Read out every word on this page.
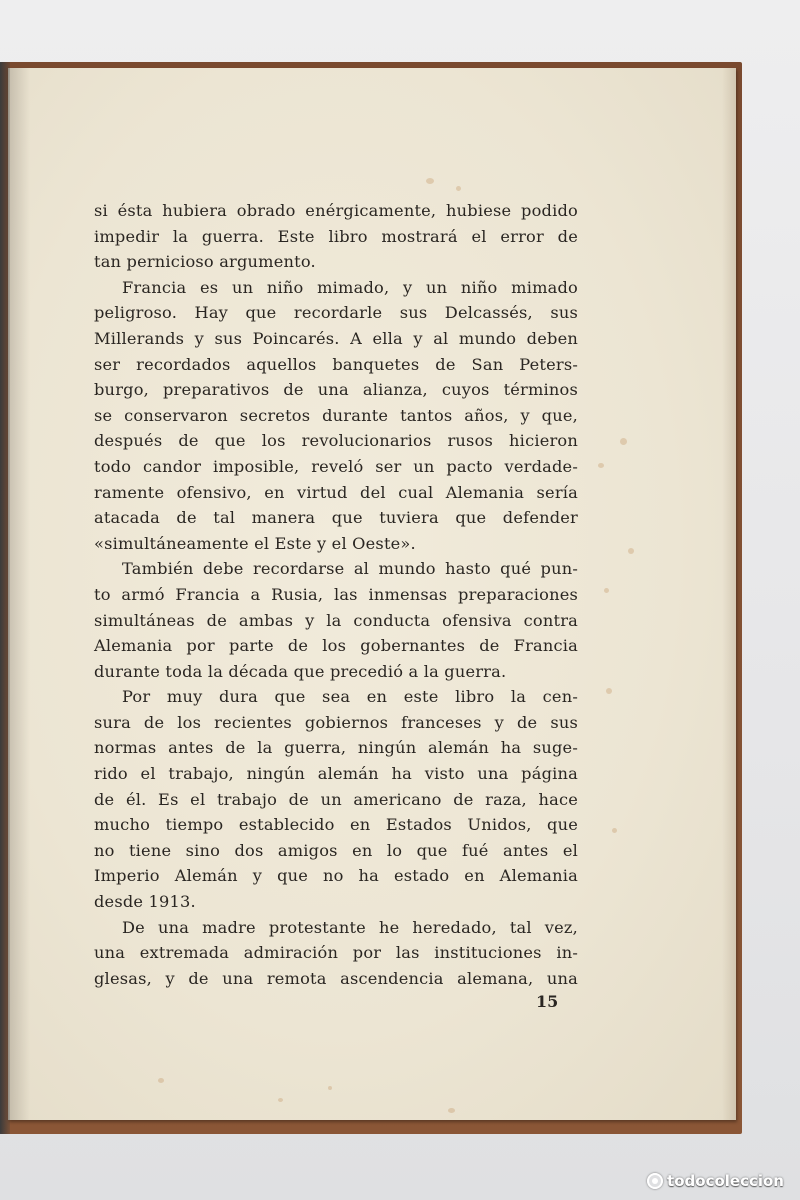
si ésta hubiera obrado enérgicamente, hubiese podido
impedir la guerra. Este libro mostrará el error de
tan pernicioso argumento.

Francia es un niño mimado, y un niño mimado
peligroso. Hay que recordarle sus Delcassés, sus
Millerands y sus Poincarés. A ella y al mundo deben
ser recordados aquellos banquetes de San Peters-
burgo, preparativos de una alianza, cuyos términos
se conservaron secretos durante tantos años, y que,
después de que los revolucionarios rusos hicieron
todo candor imposible, reveló ser un pacto verdade-
ramente ofensivo, en virtud del cual Alemania sería
atacada de tal manera que tuviera que defender
«simultáneamente el Este y el Oeste».

También debe recordarse al mundo hasto qué pun-
to armó Francia a Rusia, las inmensas preparaciones
simultáneas de ambas y la conducta ofensiva contra
Alemania por parte de los gobernantes de Francia
durante toda la década que precedió a la guerra.

Por muy dura que sea en este libro la cen-
sura de los recientes gobiernos franceses y de sus
normas antes de la guerra, ningún alemán ha suge-
rido el trabajo, ningún alemán ha visto una página
de él. Es el trabajo de un americano de raza, hace
mucho tiempo establecido en Estados Unidos, que
no tiene sino dos amigos en lo que fué antes el
Imperio Alemán y que no ha estado en Alemania
desde 1913.

De una madre protestante he heredado, tal vez,
una extremada admiración por las instituciones in-
glesas, y de una remota ascendencia alemana, una

15
todocoleccion
